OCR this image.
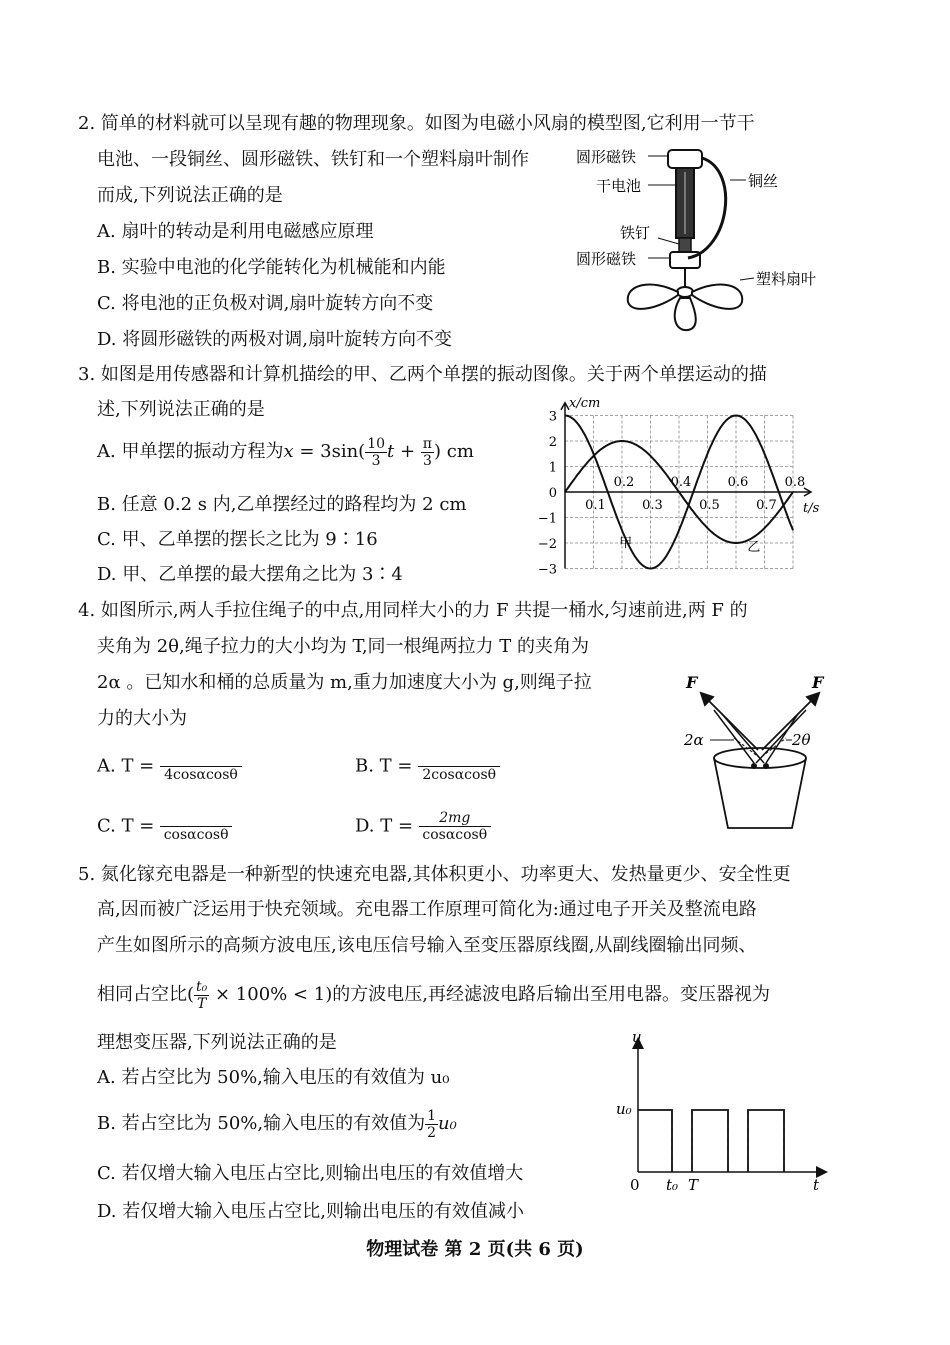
2. 简单的材料就可以呈现有趣的物理现象。如图为电磁小风扇的模型图,它利用一节干
电池、一段铜丝、圆形磁铁、铁钉和一个塑料扇叶制作
而成,下列说法正确的是
A. 扇叶的转动是利用电磁感应原理
B. 实验中电池的化学能转化为机械能和内能
C. 将电池的正负极对调,扇叶旋转方向不变
D. 将圆形磁铁的两极对调,扇叶旋转方向不变
圆形磁铁
干电池	铜丝
铁钉
圆形磁铁
塑料扇叶
3. 如图是用传感器和计算机描绘的甲、乙两个单摆的振动图像。关于两个单摆运动的描
述,下列说法正确的是
A. 甲单摆的振动方程为$x = 3\sin( \frac{10}{3}$ $t + \frac{\pi}{3}$ ) cm
B. 任意 0.2 s 内,乙单摆经过的路程均为 2 cm
C. 甲、乙单摆的摆长之比为 9∶16
D. 甲、乙单摆的最大摆角之比为 3∶4
x/cm
t/s
3
2
1
0
−1
−2
−3
0.1
0.2
0.3
0.4
0.5
0.6
0.7
0.8
甲	乙
4. 如图所示,两人手拉住绳子的中点,用同样大小的力 F 共提一桶水,匀速前进,两 F 的
夹角为 2θ,绳子拉力的大小均为 T,同一根绳两拉力 T 的夹角为
2α 。已知水和桶的总质量为 m,重力加速度大小为 g,则绳子拉
力的大小为
A. T =
4cosαcosθ	B. T =
2cosαcosθ
C. T =
cosαcosθ	D. $T = \frac{2mg}{\cos\alpha\cos\theta}$
F	F
2α	2θ
5. 氮化镓充电器是一种新型的快速充电器,其体积更小、功率更大、发热量更少、安全性更
高,因而被广泛运用于快充领域。充电器工作原理可简化为:通过电子开关及整流电路
产生如图所示的高频方波电压,该电压信号输入至变压器原线圈,从副线圈输出同频、
相同占空比( $\frac{\text{t₀}}{T} \times 100\% < 1$)的方波电压,再经滤波电路后输出至用电器。变压器视为
理想变压器,下列说法正确的是
A. 若占空比为 50%,输入电压的有效值为 u₀
B. 若占空比为 50%,输入电压的有效值为 $\frac{1}{2} u_0$
C. 若仅增大输入电压占空比,则输出电压的有效值增大
D. 若仅增大输入电压占空比,则输出电压的有效值减小
u
u₀
0 t₀ T	t
物理试卷 第 2 页(共 6 页)
